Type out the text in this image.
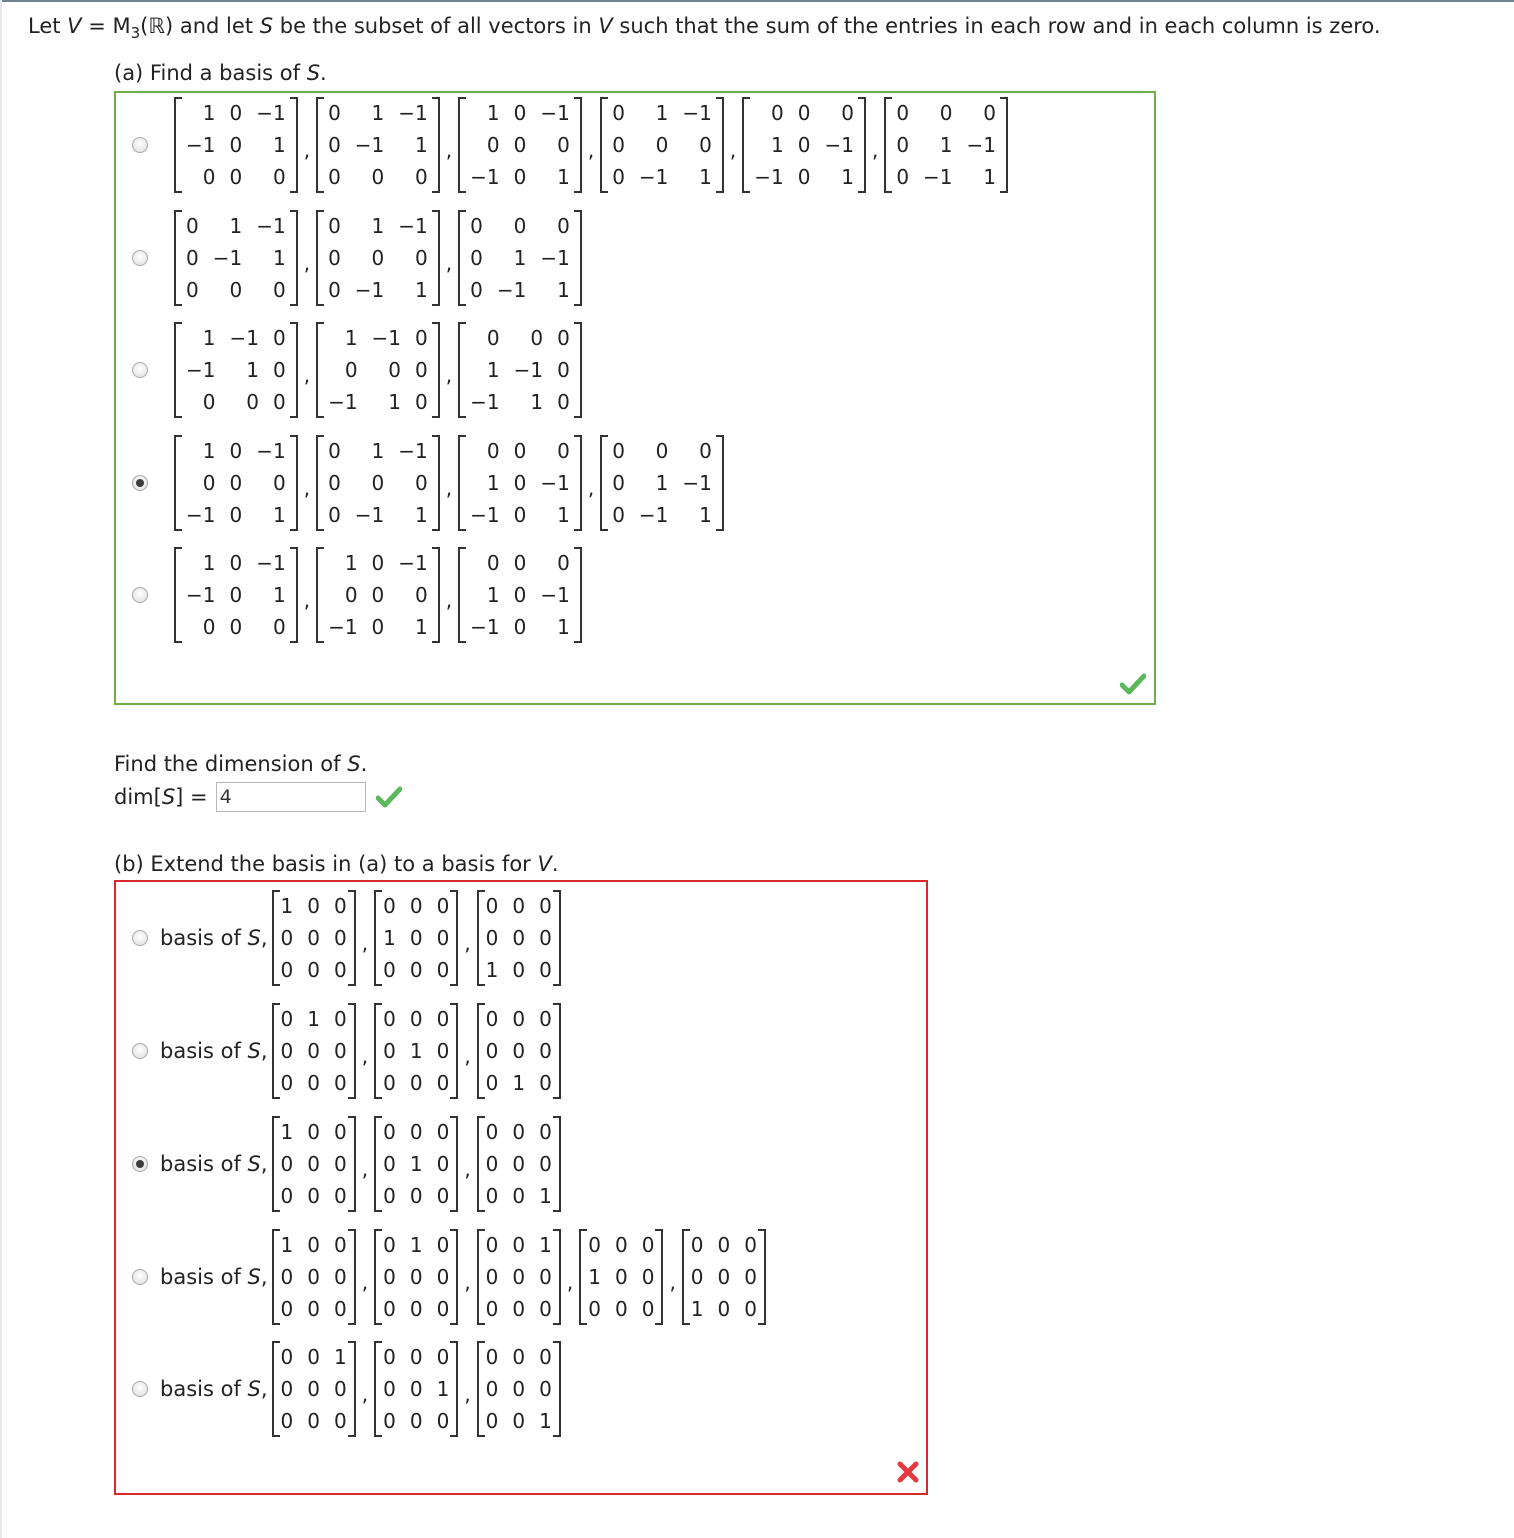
Let $V = M_3(ℝ)$ and let S be the subset of all vectors in V such that the sum of the entries in each row and in each column is zero.
(a) Find a basis of S.
1 0 −1
−1 0	1
0 0	0
,
0	1 −1
0 −1	1
0	0	0
,
1 0 −1
0 0	0
−1 0	1
,
0	1 −1
0	0	0
0 −1	1
,
0 0	0
1 0 −1
−1 0	1
,
0	0	0
0	1 −1
0 −1	1
0	1 −1
0 −1	1
0	0	0
,
0	1 −1
0	0	0
0 −1	1
,
0	0	0
0	1 −1
0 −1	1
1 −1 0
−1	1 0
0	0 0
,
1 −1 0
0	0 0
−1	1 0
,
0	0 0
1 −1 0
−1	1 0
1 0 −1
0 0	0
−1 0	1
,
0	1 −1
0	0	0
0 −1	1
,
0 0	0
1 0 −1
−1 0	1
,
0	0	0
0	1 −1
0 −1	1
1 0 −1
−1 0	1
0 0	0
,
1 0 −1
0 0	0
−1 0	1
,
0 0	0
1 0 −1
−1 0	1
Find the dimension of S.
dim[ S ] =
4
(b) Extend the basis in (a) to a basis for V.
basis of S,
1 0 0
0 0 0
0 0 0
,
0 0 0
1 0 0
0 0 0
,
0 0 0
0 0 0
1 0 0
basis of S,
0 1 0
0 0 0
0 0 0
,
0 0 0
0 1 0
0 0 0
,
0 0 0
0 0 0
0 1 0
basis of S,
1 0 0
0 0 0
0 0 0
,
0 0 0
0 1 0
0 0 0
,
0 0 0
0 0 0
0 0 1
basis of S,
1 0 0
0 0 0
0 0 0
,
0 1 0
0 0 0
0 0 0
,
0 0 1
0 0 0
0 0 0
,
0 0 0
1 0 0
0 0 0
,
0 0 0
0 0 0
1 0 0
basis of S,
0 0 1
0 0 0
0 0 0
,
0 0 0
0 0 1
0 0 0
,
0 0 0
0 0 0
0 0 1
